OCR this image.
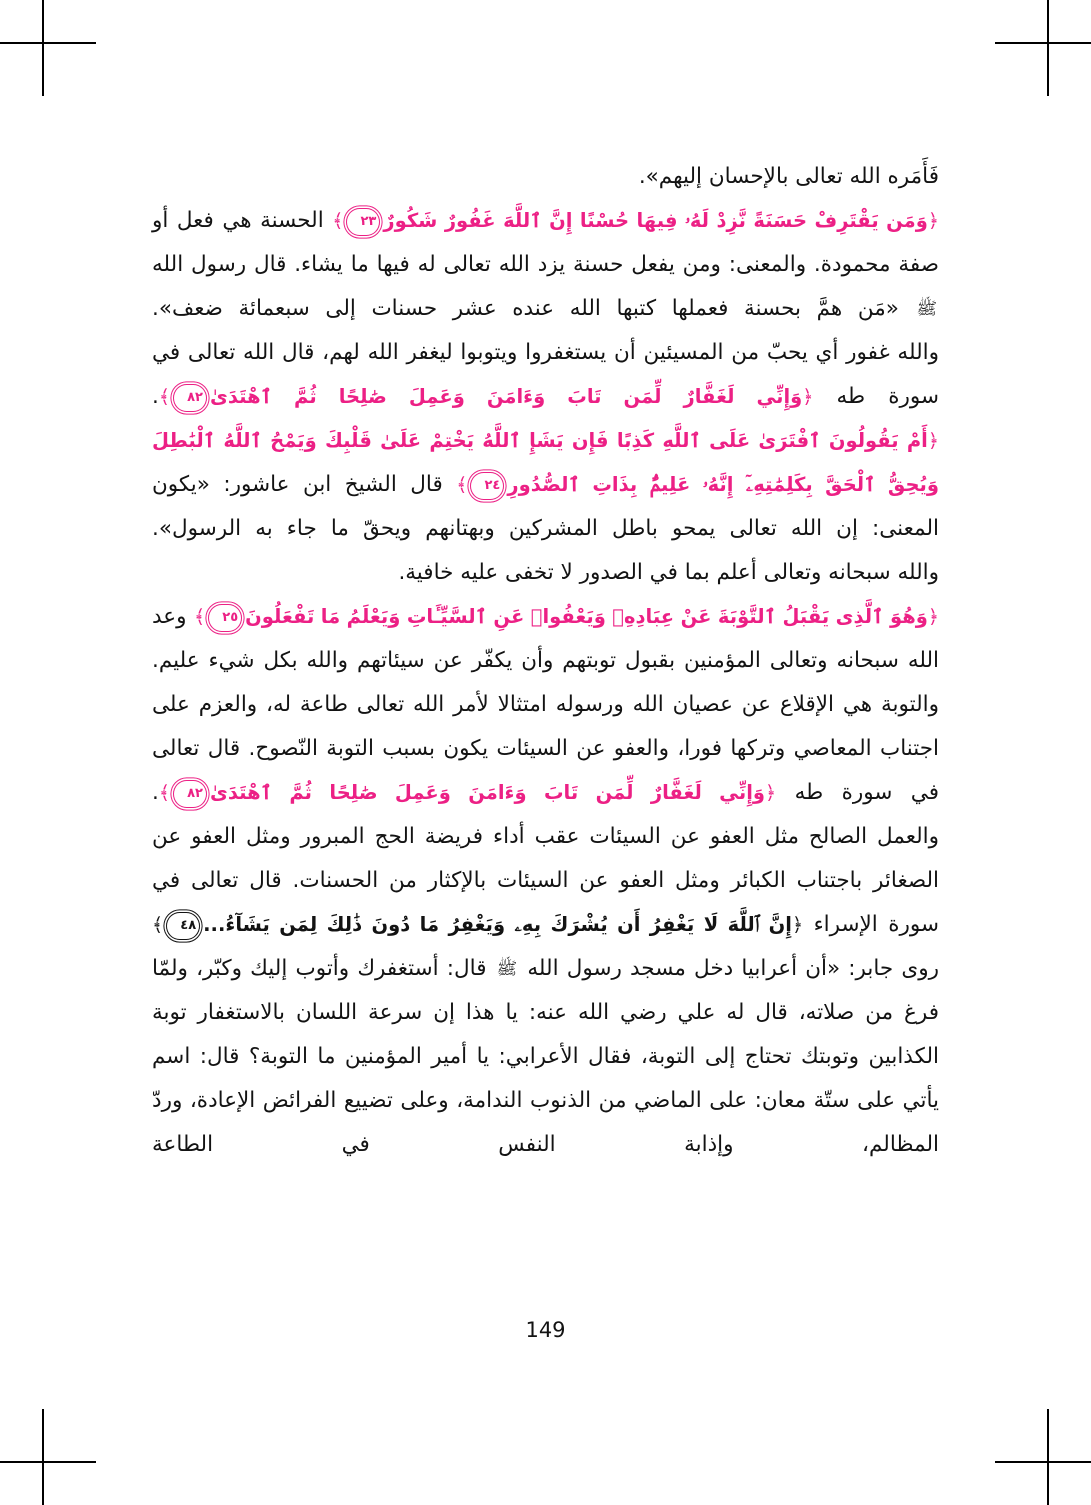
فَأَمَره الله تعالى بالإحسان إليهم».

﴿وَمَن يَقْتَرِفْ حَسَنَةً نَّزِدْ لَهُۥ فِيهَا حُسْنًا إِنَّ ٱللَّهَ غَفُورٌ شَكُورٌ٢٣﴾ الحسنة هي فعل أو صفة محمودة. والمعنى: ومن يفعل حسنة يزد الله تعالى له فيها ما يشاء. قال رسول الله ﷺ «مَن همَّ بحسنة فعملها كتبها الله عنده عشر حسنات إلى سبعمائة ضعف».

والله غفور أي يحبّ من المسيئين أن يستغفروا ويتوبوا ليغفر الله لهم، قال الله تعالى في سورة طه ﴿وَإِنِّي لَغَفَّارٌ لِّمَن تَابَ وَءَامَنَ وَعَمِلَ صَٰلِحًا ثُمَّ ٱهْتَدَىٰ٨٢﴾.

﴿أَمْ يَقُولُونَ ٱفْتَرَىٰ عَلَى ٱللَّهِ كَذِبًا فَإِن يَشَإِ ٱللَّهُ يَخْتِمْ عَلَىٰ قَلْبِكَ وَيَمْحُ ٱللَّهُ ٱلْبَٰطِلَ وَيُحِقُّ ٱلْحَقَّ بِكَلِمَٰتِهِۦٓ إِنَّهُۥ عَلِيمٌۢ بِذَاتِ ٱلصُّدُورِ٢٤﴾ قال الشيخ ابن عاشور: «يكون المعنى: إن الله تعالى يمحو باطل المشركين وبهتانهم ويحقّ ما جاء به الرسول».

والله سبحانه وتعالى أعلم بما في الصدور لا تخفى عليه خافية.

﴿وَهُوَ ٱلَّذِى يَقْبَلُ ٱلتَّوْبَةَ عَنْ عِبَادِهِۦ وَيَعْفُوا۟ عَنِ ٱلسَّيِّـَٔاتِ وَيَعْلَمُ مَا تَفْعَلُونَ٢٥﴾ وعد الله سبحانه وتعالى المؤمنين بقبول توبتهم وأن يكفّر عن سيئاتهم والله بكل شيء عليم.

والتوبة هي الإقلاع عن عصيان الله ورسوله امتثالا لأمر الله تعالى طاعة له، والعزم على اجتناب المعاصي وتركها فورا، والعفو عن السيئات يكون بسبب التوبة النّصوح. قال تعالى في سورة طه ﴿وَإِنِّي لَغَفَّارٌ لِّمَن تَابَ وَءَامَنَ وَعَمِلَ صَٰلِحًا ثُمَّ ٱهْتَدَىٰ٨٢﴾.

والعمل الصالح مثل العفو عن السيئات عقب أداء فريضة الحج المبرور ومثل العفو عن الصغائر باجتناب الكبائر ومثل العفو عن السيئات بالإكثار من الحسنات. قال تعالى في سورة الإسراء ﴿إِنَّ ٱللَّهَ لَا يَغْفِرُ أَن يُشْرَكَ بِهِۦ وَيَغْفِرُ مَا دُونَ ذَٰلِكَ لِمَن يَشَآءُ...٤٨﴾

روى جابر: «أن أعرابيا دخل مسجد رسول الله ﷺ قال: أستغفرك وأتوب إليك وكبّر، ولمّا فرغ من صلاته، قال له علي رضي الله عنه: يا هذا إن سرعة اللسان بالاستغفار توبة الكذابين وتوبتك تحتاج إلى التوبة، فقال الأعرابي: يا أمير المؤمنين ما التوبة؟ قال: اسم يأتي على ستّة معان: على الماضي من الذنوب الندامة، وعلى تضييع الفرائض الإعادة، وردّ المظالم، وإذابة النفس في الطاعة

149
